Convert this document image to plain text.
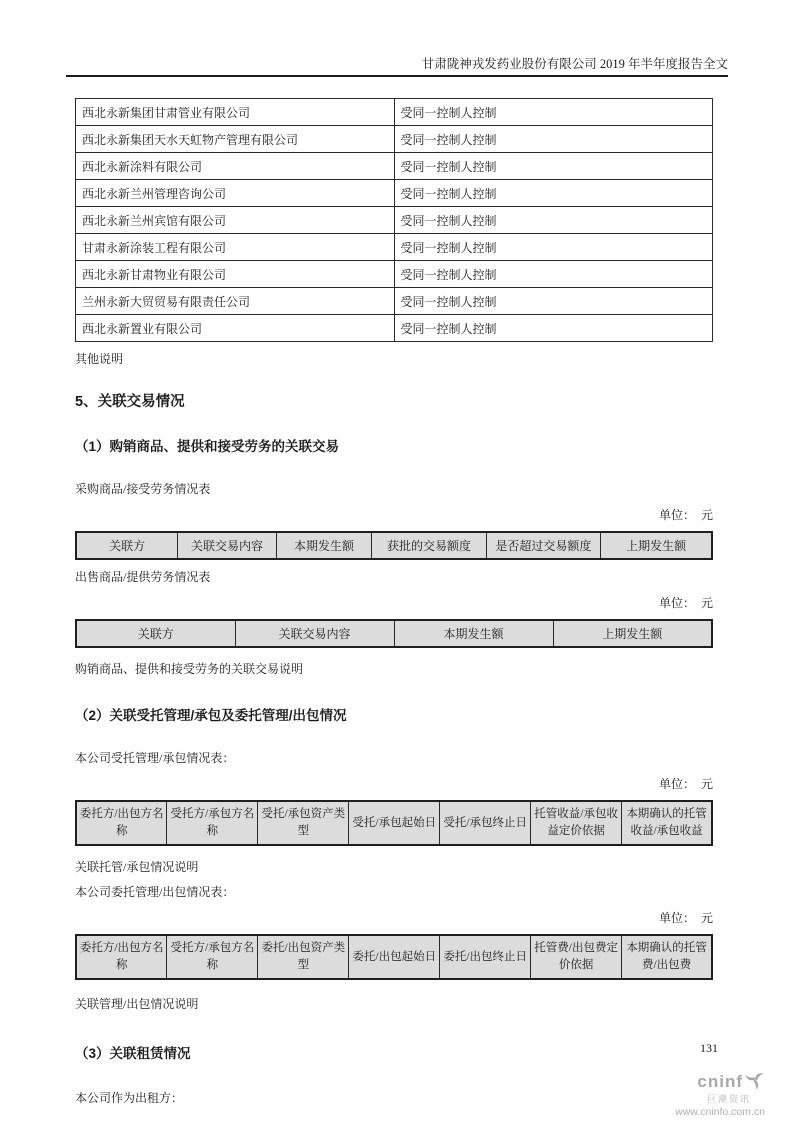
甘肃陇神戎发药业股份有限公司 2019 年半年度报告全文
西北永新集团甘肃管业有限公司	受同一控制人控制
西北永新集团天水天虹物产管理有限公司	受同一控制人控制
西北永新涂料有限公司	受同一控制人控制
西北永新兰州管理咨询公司	受同一控制人控制
西北永新兰州宾馆有限公司	受同一控制人控制
甘肃永新涂装工程有限公司	受同一控制人控制
西北永新甘肃物业有限公司	受同一控制人控制
兰州永新大贸贸易有限责任公司	受同一控制人控制
西北永新置业有限公司	受同一控制人控制
其他说明
5、关联交易情况
（1）购销商品、提供和接受劳务的关联交易
采购商品/接受劳务情况表
单位：　元
关联方	关联交易内容	本期发生额	获批的交易额度	是否超过交易额度	上期发生额
出售商品/提供劳务情况表
单位：　元
关联方	关联交易内容	本期发生额	上期发生额
购销商品、提供和接受劳务的关联交易说明
（2）关联受托管理/承包及委托管理/出包情况
本公司受托管理/承包情况表：
单位：　元
委托方/出包方名称	受托方/承包方名称	受托/承包资产类型	受托/承包起始日	受托/承包终止日	托管收益/承包收益定价依据	本期确认的托管收益/承包收益
关联托管/承包情况说明
本公司委托管理/出包情况表：
单位：　元
委托方/出包方名称	受托方/承包方名称	委托/出包资产类型	委托/出包起始日	委托/出包终止日	托管费/出包费定价依据	本期确认的托管费/出包费
关联管理/出包情况说明
（3）关联租赁情况
本公司作为出租方：
131
cninf
巨潮资讯
www.cninfo.com.cn
